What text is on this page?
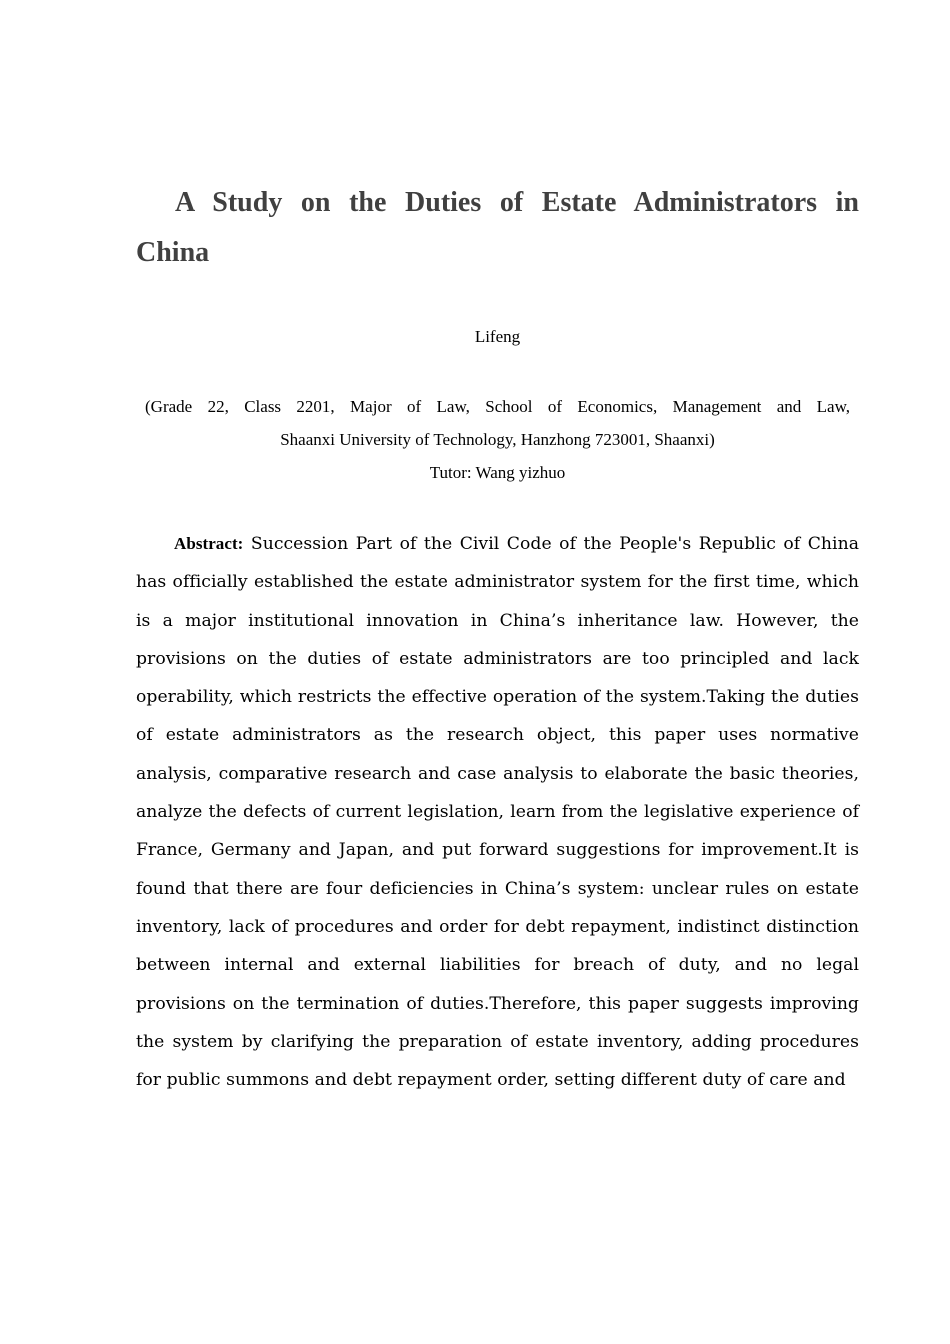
A Study on the Duties of Estate Administrators in China
Lifeng
(Grade 22, Class 2201, Major of Law, School of Economics, Management and Law,
Shaanxi University of Technology, Hanzhong 723001, Shaanxi)
Tutor: Wang yizhuo

Abstract: Succession Part of the Civil Code of the People's Republic of China has officially established the estate administrator system for the first time, which is a major institutional innovation in China’s inheritance law. However, the provisions on the duties of estate administrators are too principled and lack operability, which restricts the effective operation of the system.Taking the duties of estate administrators as the research object, this paper uses normative analysis, comparative research and case analysis to elaborate the basic theories, analyze the defects of current legislation, learn from the legislative experience of France, Germany and Japan, and put forward suggestions for improvement.It is found that there are four deficiencies in China’s system: unclear rules on estate inventory, lack of procedures and order for debt repayment, indistinct distinction between internal and external liabilities for breach of duty, and no legal provisions on the termination of duties.Therefore, this paper suggests improving the system by clarifying the preparation of estate inventory, adding procedures for public summons and debt repayment order, setting different duty of care and
